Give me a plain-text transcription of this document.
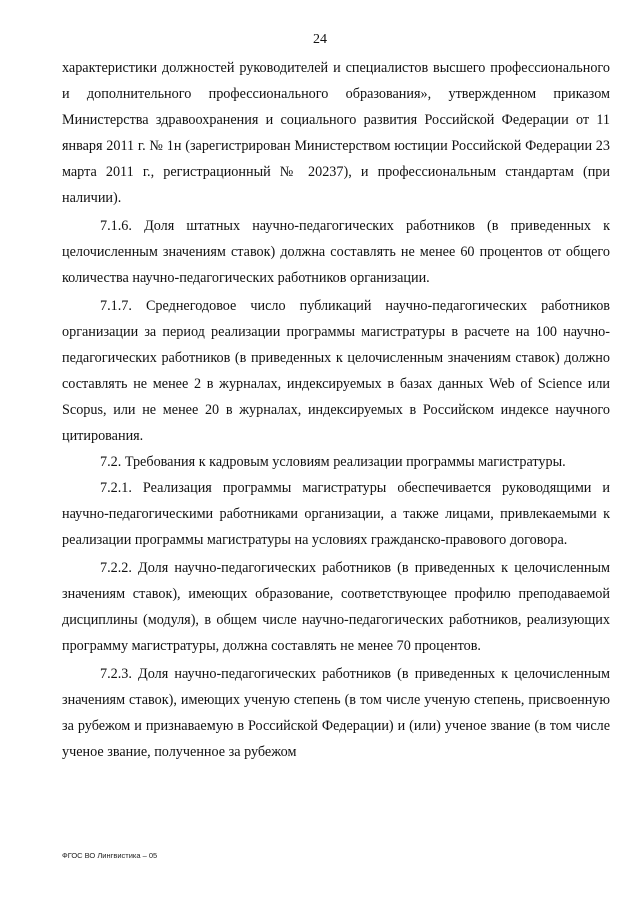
24

характеристики должностей руководителей и специалистов высшего профессионального и дополнительного профессионального образования», утвержденном приказом Министерства здравоохранения и социального развития Российской Федерации от 11 января 2011 г. № 1н (зарегистрирован Министерством юстиции Российской Федерации 23 марта 2011 г., регистрационный № 20237), и профессиональным стандартам (при наличии).

7.1.6. Доля штатных научно-педагогических работников (в приведенных к целочисленным значениям ставок) должна составлять не менее 60 процентов от общего количества научно-педагогических работников организации.

7.1.7. Среднегодовое число публикаций научно-педагогических работников организации за период реализации программы магистратуры в расчете на 100 научно-педагогических работников (в приведенных к целочисленным значениям ставок) должно составлять не менее 2 в журналах, индексируемых в базах данных Web of Science или Scopus, или не менее 20 в журналах, индексируемых в Российском индексе научного цитирования.

7.2. Требования к кадровым условиям реализации программы магистратуры.

7.2.1. Реализация программы магистратуры обеспечивается руководящими и научно-педагогическими работниками организации, а также лицами, привлекаемыми к реализации программы магистратуры на условиях гражданско-правового договора.

7.2.2. Доля научно-педагогических работников (в приведенных к целочисленным значениям ставок), имеющих образование, соответствующее профилю преподаваемой дисциплины (модуля), в общем числе научно-педагогических работников, реализующих программу магистратуры, должна составлять не менее 70 процентов.

7.2.3. Доля научно-педагогических работников (в приведенных к целочисленным значениям ставок), имеющих ученую степень (в том числе ученую степень, присвоенную за рубежом и признаваемую в Российской Федерации) и (или) ученое звание (в том числе ученое звание, полученное за рубежом

ФГОС ВО Лингвистика – 05
